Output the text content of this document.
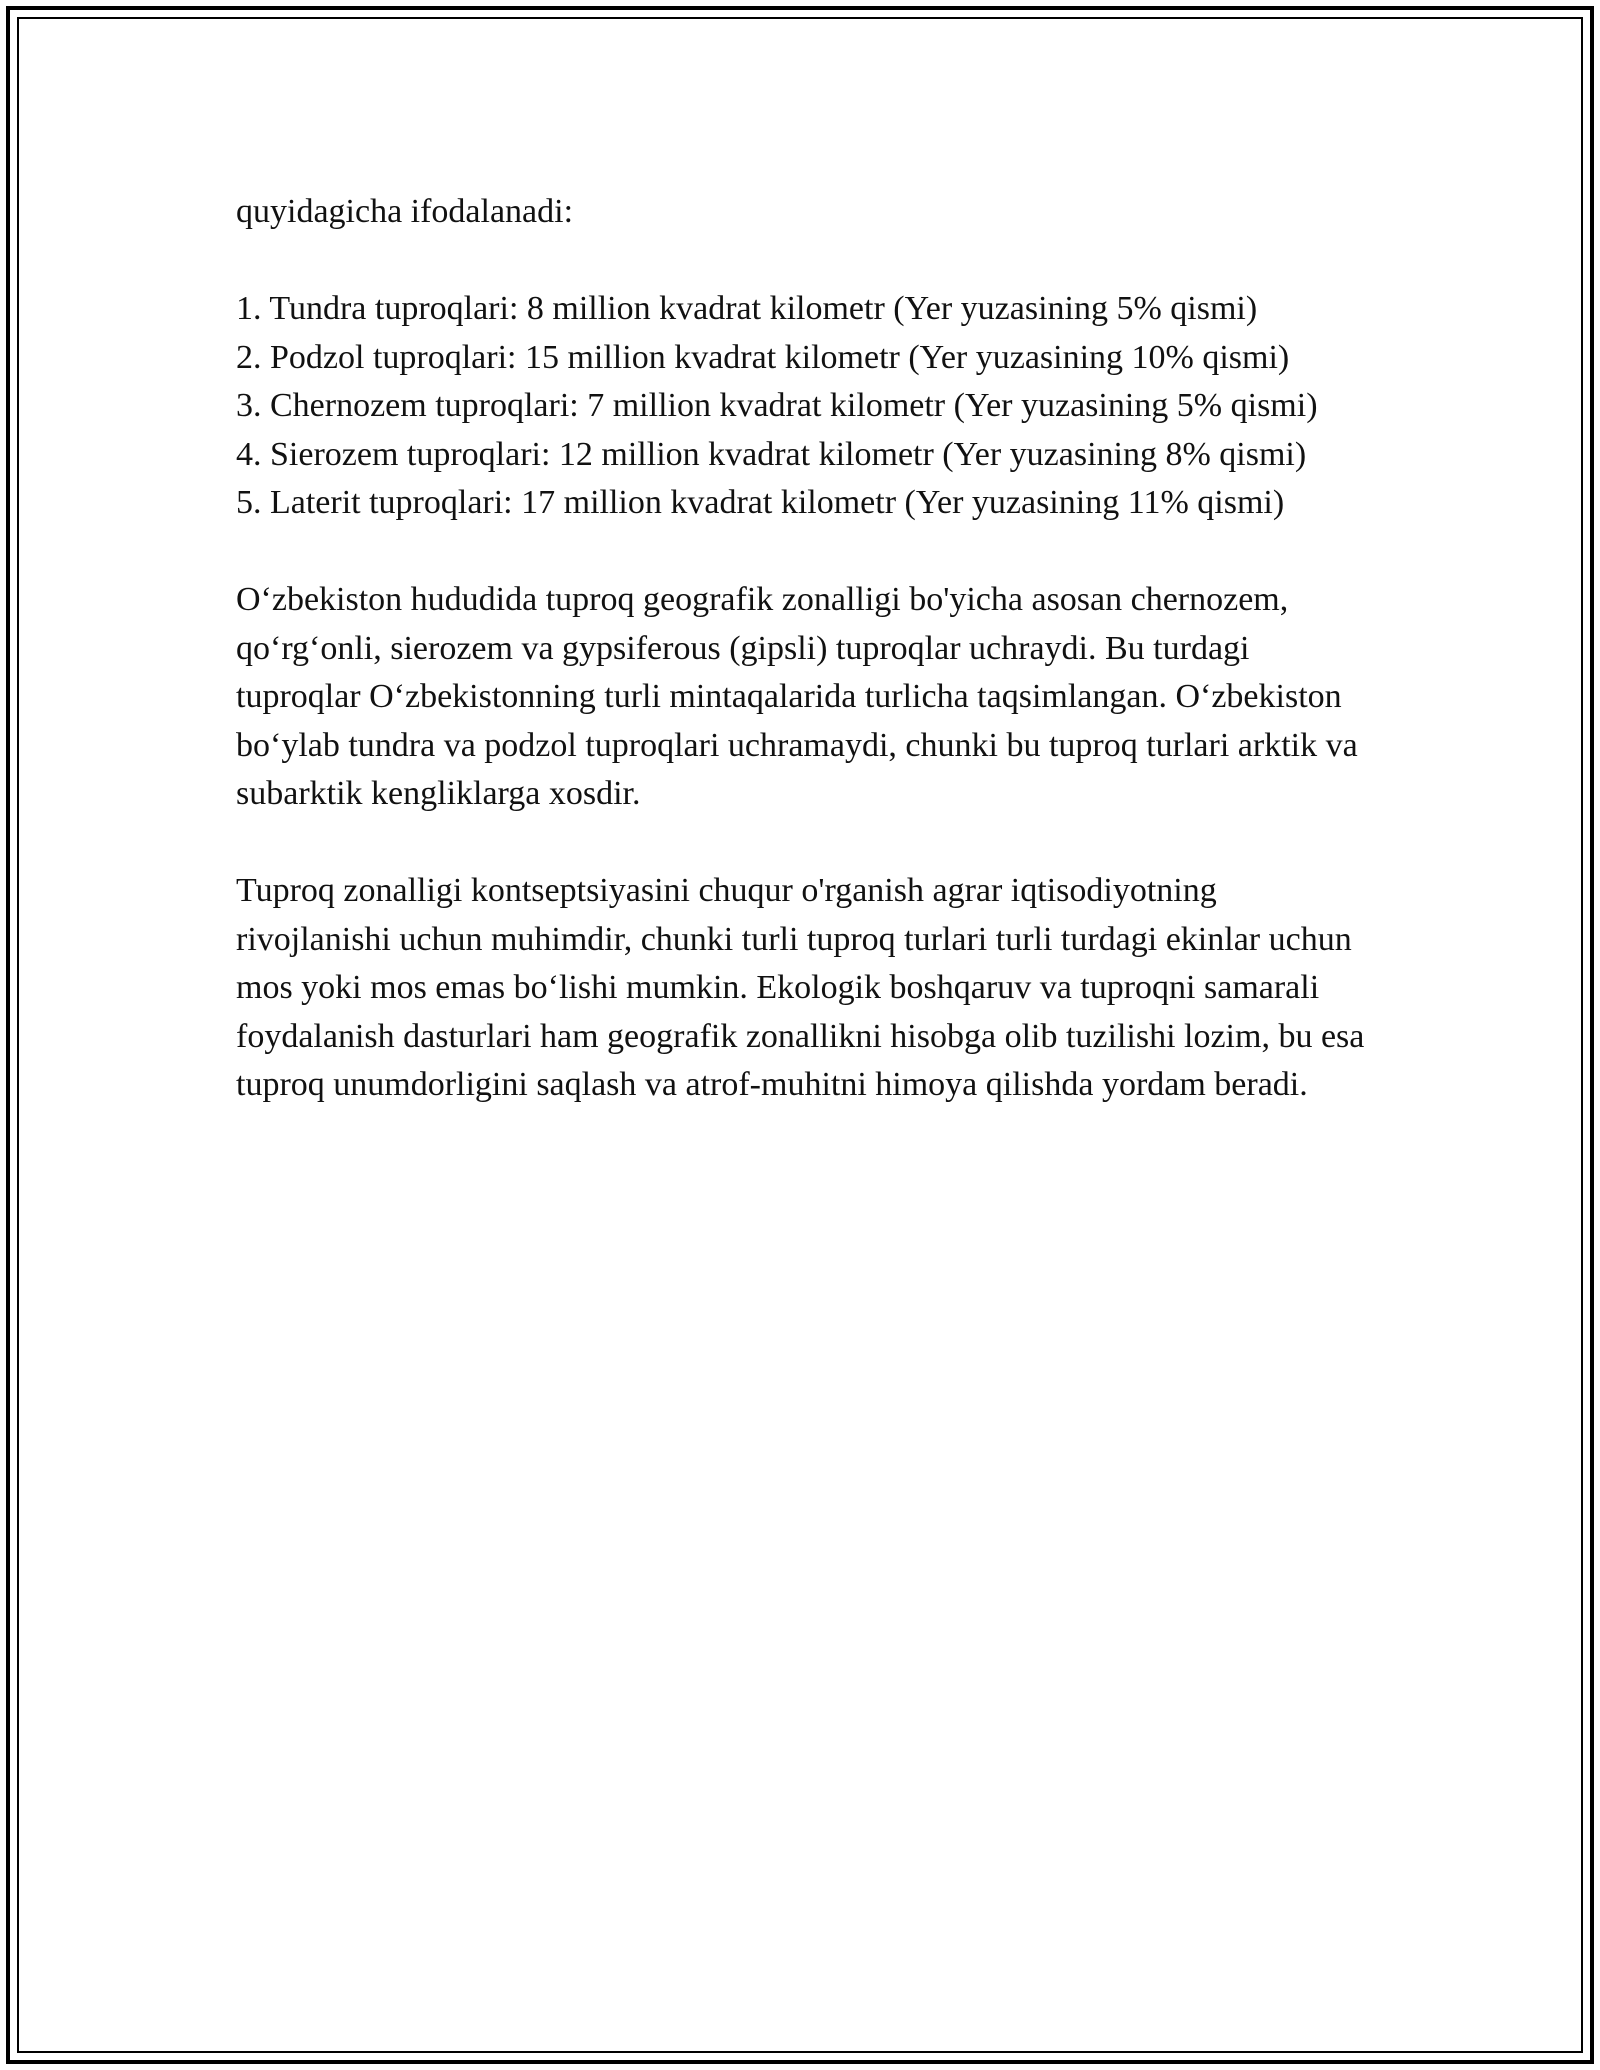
quyidagicha ifodalanadi:

1. Tundra tuproqlari: 8 million kvadrat kilometr (Yer yuzasining 5% qismi)

2. Podzol tuproqlari: 15 million kvadrat kilometr (Yer yuzasining 10% qismi)

3. Chernozem tuproqlari: 7 million kvadrat kilometr (Yer yuzasining 5% qismi)

4. Sierozem tuproqlari: 12 million kvadrat kilometr (Yer yuzasining 8% qismi)

5. Laterit tuproqlari: 17 million kvadrat kilometr (Yer yuzasining 11% qismi)

O‘zbekiston hududida tuproq geografik zonalligi bo'yicha asosan chernozem, qo‘rg‘onli, sierozem va gypsiferous (gipsli) tuproqlar uchraydi. Bu turdagi tuproqlar O‘zbekistonning turli mintaqalarida turlicha taqsimlangan. O‘zbekiston bo‘ylab tundra va podzol tuproqlari uchramaydi, chunki bu tuproq turlari arktik va subarktik kengliklarga xosdir.

Tuproq zonalligi kontseptsiyasini chuqur o'rganish agrar iqtisodiyotning rivojlanishi uchun muhimdir, chunki turli tuproq turlari turli turdagi ekinlar uchun mos yoki mos emas bo‘lishi mumkin. Ekologik boshqaruv va tuproqni samarali foydalanish dasturlari ham geografik zonallikni hisobga olib tuzilishi lozim, bu esa tuproq unumdorligini saqlash va atrof-muhitni himoya qilishda yordam beradi.
